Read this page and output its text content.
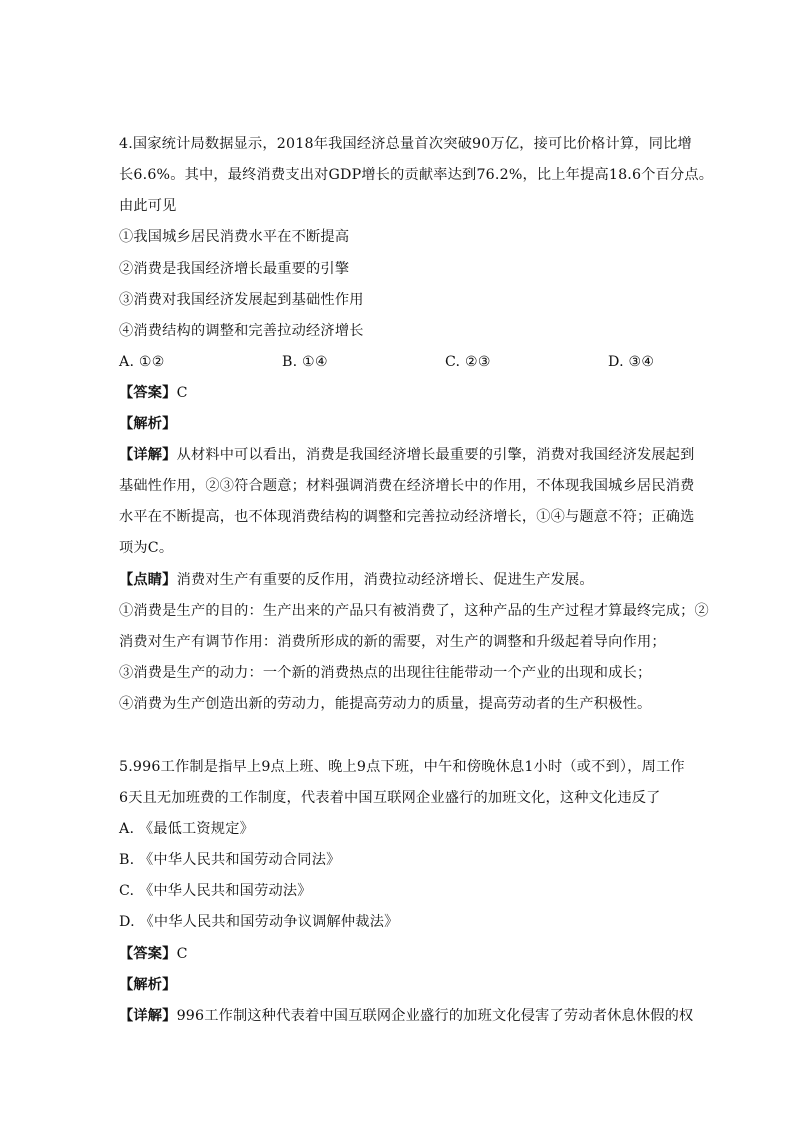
4.国家统计局数据显示，2018年我国经济总量首次突破90万亿，接可比价格计算，同比增
长6.6%。其中，最终消费支出对GDP增长的贡献率达到76.2%，比上年提高18.6个百分点。
由此可见
①我国城乡居民消费水平在不断提高
②消费是我国经济增长最重要的引擎
③消费对我国经济发展起到基础性作用
④消费结构的调整和完善拉动经济增长
A. ①②	B. ①④	C. ②③	D. ③④
【答案】C
【解析】
【详解】从材料中可以看出，消费是我国经济增长最重要的引擎，消费对我国经济发展起到
基础性作用，②③符合题意；材料强调消费在经济增长中的作用，不体现我国城乡居民消费
水平在不断提高，也不体现消费结构的调整和完善拉动经济增长，①④与题意不符；正确选
项为C。
【点睛】消费对生产有重要的反作用，消费拉动经济增长、促进生产发展。
①消费是生产的目的：生产出来的产品只有被消费了，这种产品的生产过程才算最终完成；②
消费对生产有调节作用：消费所形成的新的需要，对生产的调整和升级起着导向作用；
③消费是生产的动力：一个新的消费热点的出现往往能带动一个产业的出现和成长；
④消费为生产创造出新的劳动力，能提高劳动力的质量，提高劳动者的生产积极性。
5.996工作制是指早上9点上班、晚上9点下班，中午和傍晚休息1小时（或不到），周工作
6天且无加班费的工作制度，代表着中国互联网企业盛行的加班文化，这种文化违反了
A. 《最低工资规定》
B. 《中华人民共和国劳动合同法》
C. 《中华人民共和国劳动法》
D. 《中华人民共和国劳动争议调解仲裁法》
【答案】C
【解析】
【详解】996工作制这种代表着中国互联网企业盛行的加班文化侵害了劳动者休息休假的权
